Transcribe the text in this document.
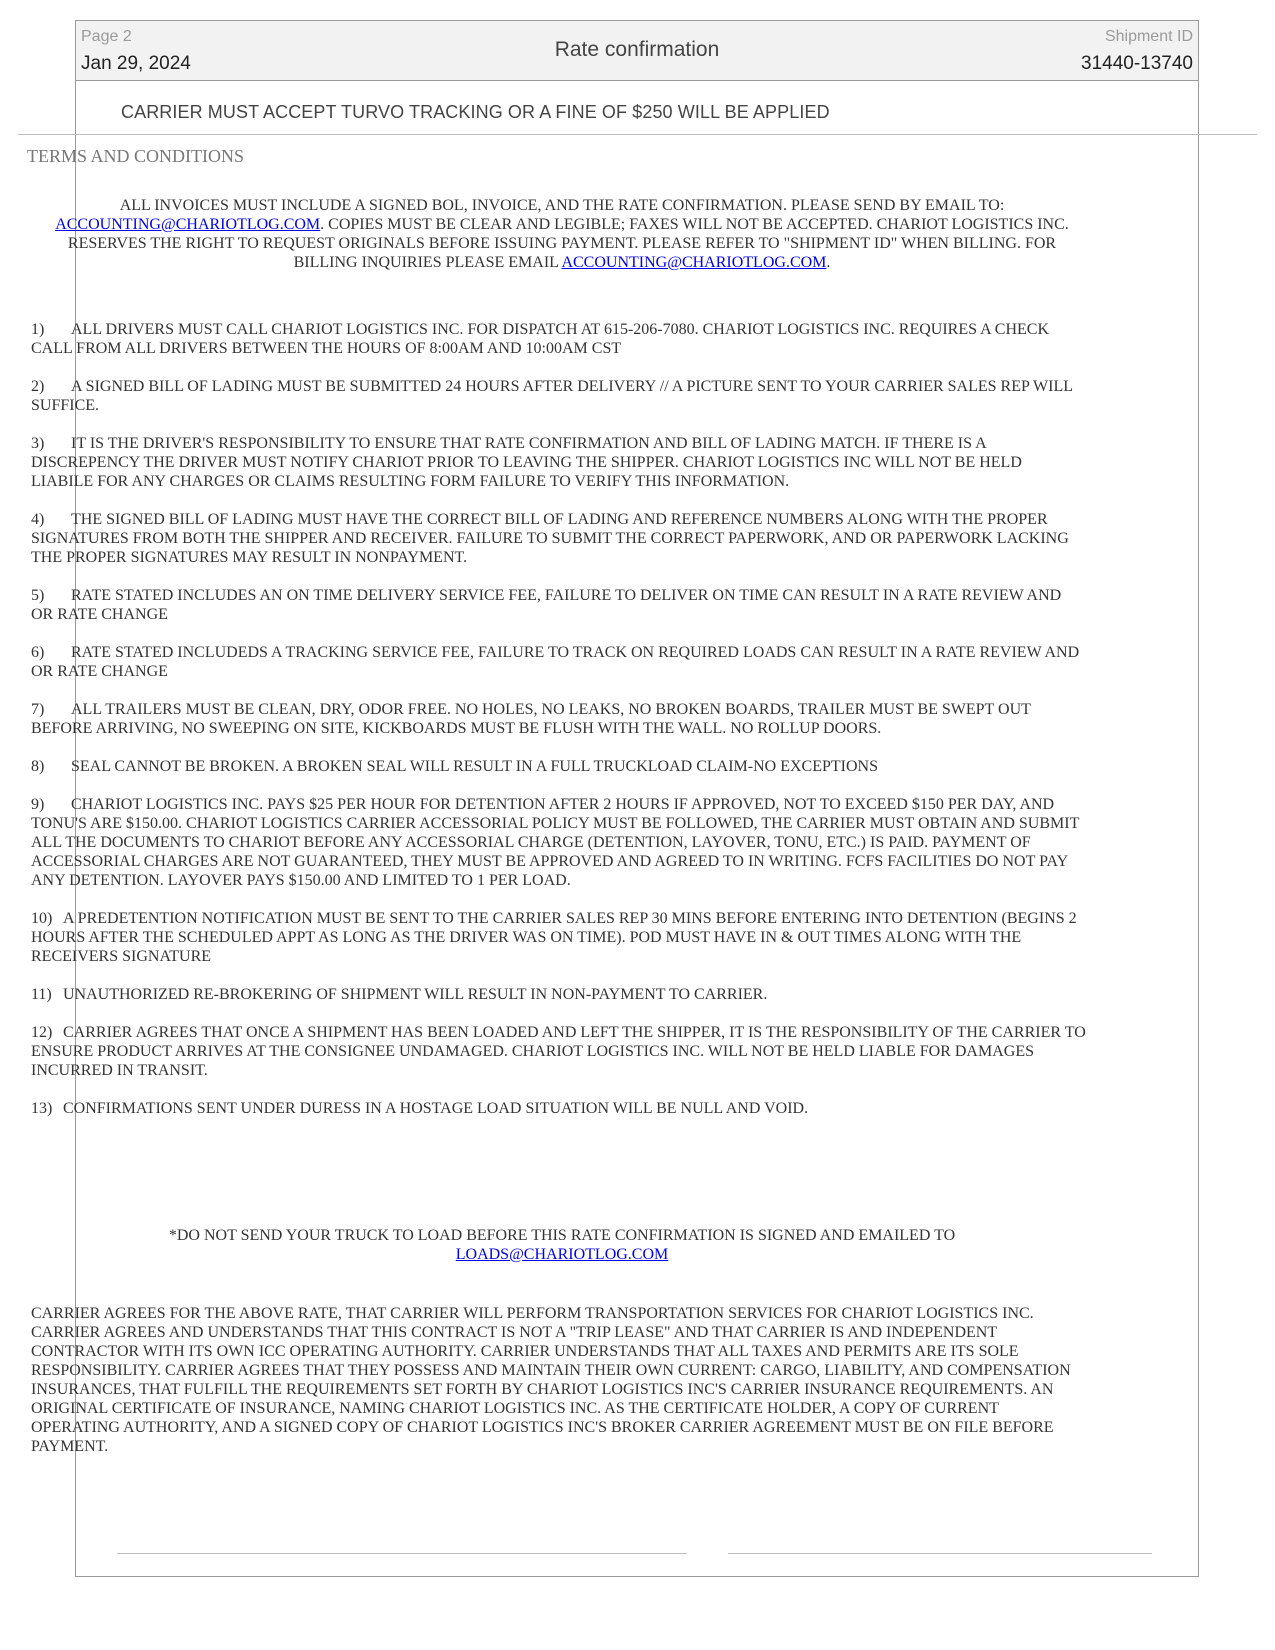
Page 2
Jan 29, 2024
Rate confirmation
Shipment ID
31440-13740
CARRIER MUST ACCEPT TURVO TRACKING OR A FINE OF $250 WILL BE APPLIED
TERMS AND CONDITIONS
ALL INVOICES MUST INCLUDE A SIGNED BOL, INVOICE, AND THE RATE CONFIRMATION. PLEASE SEND BY EMAIL TO: ACCOUNTING@CHARIOTLOG.COM. COPIES MUST BE CLEAR AND LEGIBLE; FAXES WILL NOT BE ACCEPTED. CHARIOT LOGISTICS INC. RESERVES THE RIGHT TO REQUEST ORIGINALS BEFORE ISSUING PAYMENT. PLEASE REFER TO "SHIPMENT ID" WHEN BILLING. FOR BILLING INQUIRIES PLEASE EMAIL ACCOUNTING@CHARIOTLOG.COM.
1) ALL DRIVERS MUST CALL CHARIOT LOGISTICS INC. FOR DISPATCH AT 615-206-7080. CHARIOT LOGISTICS INC. REQUIRES A CHECK CALL FROM ALL DRIVERS BETWEEN THE HOURS OF 8:00AM AND 10:00AM CST
2) A SIGNED BILL OF LADING MUST BE SUBMITTED 24 HOURS AFTER DELIVERY // A PICTURE SENT TO YOUR CARRIER SALES REP WILL SUFFICE.
3) IT IS THE DRIVER'S RESPONSIBILITY TO ENSURE THAT RATE CONFIRMATION AND BILL OF LADING MATCH. IF THERE IS A DISCREPENCY THE DRIVER MUST NOTIFY CHARIOT PRIOR TO LEAVING THE SHIPPER. CHARIOT LOGISTICS INC WILL NOT BE HELD LIABILE FOR ANY CHARGES OR CLAIMS RESULTING FORM FAILURE TO VERIFY THIS INFORMATION.
4) THE SIGNED BILL OF LADING MUST HAVE THE CORRECT BILL OF LADING AND REFERENCE NUMBERS ALONG WITH THE PROPER SIGNATURES FROM BOTH THE SHIPPER AND RECEIVER. FAILURE TO SUBMIT THE CORRECT PAPERWORK, AND OR PAPERWORK LACKING THE PROPER SIGNATURES MAY RESULT IN NONPAYMENT.
5) RATE STATED INCLUDES AN ON TIME DELIVERY SERVICE FEE, FAILURE TO DELIVER ON TIME CAN RESULT IN A RATE REVIEW AND OR RATE CHANGE
6) RATE STATED INCLUDEDS A TRACKING SERVICE FEE, FAILURE TO TRACK ON REQUIRED LOADS CAN RESULT IN A RATE REVIEW AND OR RATE CHANGE
7) ALL TRAILERS MUST BE CLEAN, DRY, ODOR FREE. NO HOLES, NO LEAKS, NO BROKEN BOARDS, TRAILER MUST BE SWEPT OUT BEFORE ARRIVING, NO SWEEPING ON SITE, KICKBOARDS MUST BE FLUSH WITH THE WALL. NO ROLLUP DOORS.
8) SEAL CANNOT BE BROKEN. A BROKEN SEAL WILL RESULT IN A FULL TRUCKLOAD CLAIM-NO EXCEPTIONS
9) CHARIOT LOGISTICS INC. PAYS $25 PER HOUR FOR DETENTION AFTER 2 HOURS IF APPROVED, NOT TO EXCEED $150 PER DAY, AND TONU'S ARE $150.00. CHARIOT LOGISTICS CARRIER ACCESSORIAL POLICY MUST BE FOLLOWED, THE CARRIER MUST OBTAIN AND SUBMIT ALL THE DOCUMENTS TO CHARIOT BEFORE ANY ACCESSORIAL CHARGE (DETENTION, LAYOVER, TONU, ETC.) IS PAID. PAYMENT OF ACCESSORIAL CHARGES ARE NOT GUARANTEED, THEY MUST BE APPROVED AND AGREED TO IN WRITING. FCFS FACILITIES DO NOT PAY ANY DETENTION. LAYOVER PAYS $150.00 AND LIMITED TO 1 PER LOAD.
10) A PREDETENTION NOTIFICATION MUST BE SENT TO THE CARRIER SALES REP 30 MINS BEFORE ENTERING INTO DETENTION (BEGINS 2 HOURS AFTER THE SCHEDULED APPT AS LONG AS THE DRIVER WAS ON TIME). POD MUST HAVE IN & OUT TIMES ALONG WITH THE RECEIVERS SIGNATURE
11) UNAUTHORIZED RE-BROKERING OF SHIPMENT WILL RESULT IN NON-PAYMENT TO CARRIER.
12) CARRIER AGREES THAT ONCE A SHIPMENT HAS BEEN LOADED AND LEFT THE SHIPPER, IT IS THE RESPONSIBILITY OF THE CARRIER TO ENSURE PRODUCT ARRIVES AT THE CONSIGNEE UNDAMAGED. CHARIOT LOGISTICS INC. WILL NOT BE HELD LIABLE FOR DAMAGES INCURRED IN TRANSIT.
13) CONFIRMATIONS SENT UNDER DURESS IN A HOSTAGE LOAD SITUATION WILL BE NULL AND VOID.
*DO NOT SEND YOUR TRUCK TO LOAD BEFORE THIS RATE CONFIRMATION IS SIGNED AND EMAILED TO
LOADS@CHARIOTLOG.COM
CARRIER AGREES FOR THE ABOVE RATE, THAT CARRIER WILL PERFORM TRANSPORTATION SERVICES FOR CHARIOT LOGISTICS INC. CARRIER AGREES AND UNDERSTANDS THAT THIS CONTRACT IS NOT A "TRIP LEASE" AND THAT CARRIER IS AND INDEPENDENT CONTRACTOR WITH ITS OWN ICC OPERATING AUTHORITY. CARRIER UNDERSTANDS THAT ALL TAXES AND PERMITS ARE ITS SOLE RESPONSIBILITY. CARRIER AGREES THAT THEY POSSESS AND MAINTAIN THEIR OWN CURRENT: CARGO, LIABILITY, AND COMPENSATION INSURANCES, THAT FULFILL THE REQUIREMENTS SET FORTH BY CHARIOT LOGISTICS INC'S CARRIER INSURANCE REQUIREMENTS. AN ORIGINAL CERTIFICATE OF INSURANCE, NAMING CHARIOT LOGISTICS INC. AS THE CERTIFICATE HOLDER, A COPY OF CURRENT OPERATING AUTHORITY, AND A SIGNED COPY OF CHARIOT LOGISTICS INC'S BROKER CARRIER AGREEMENT MUST BE ON FILE BEFORE PAYMENT.
